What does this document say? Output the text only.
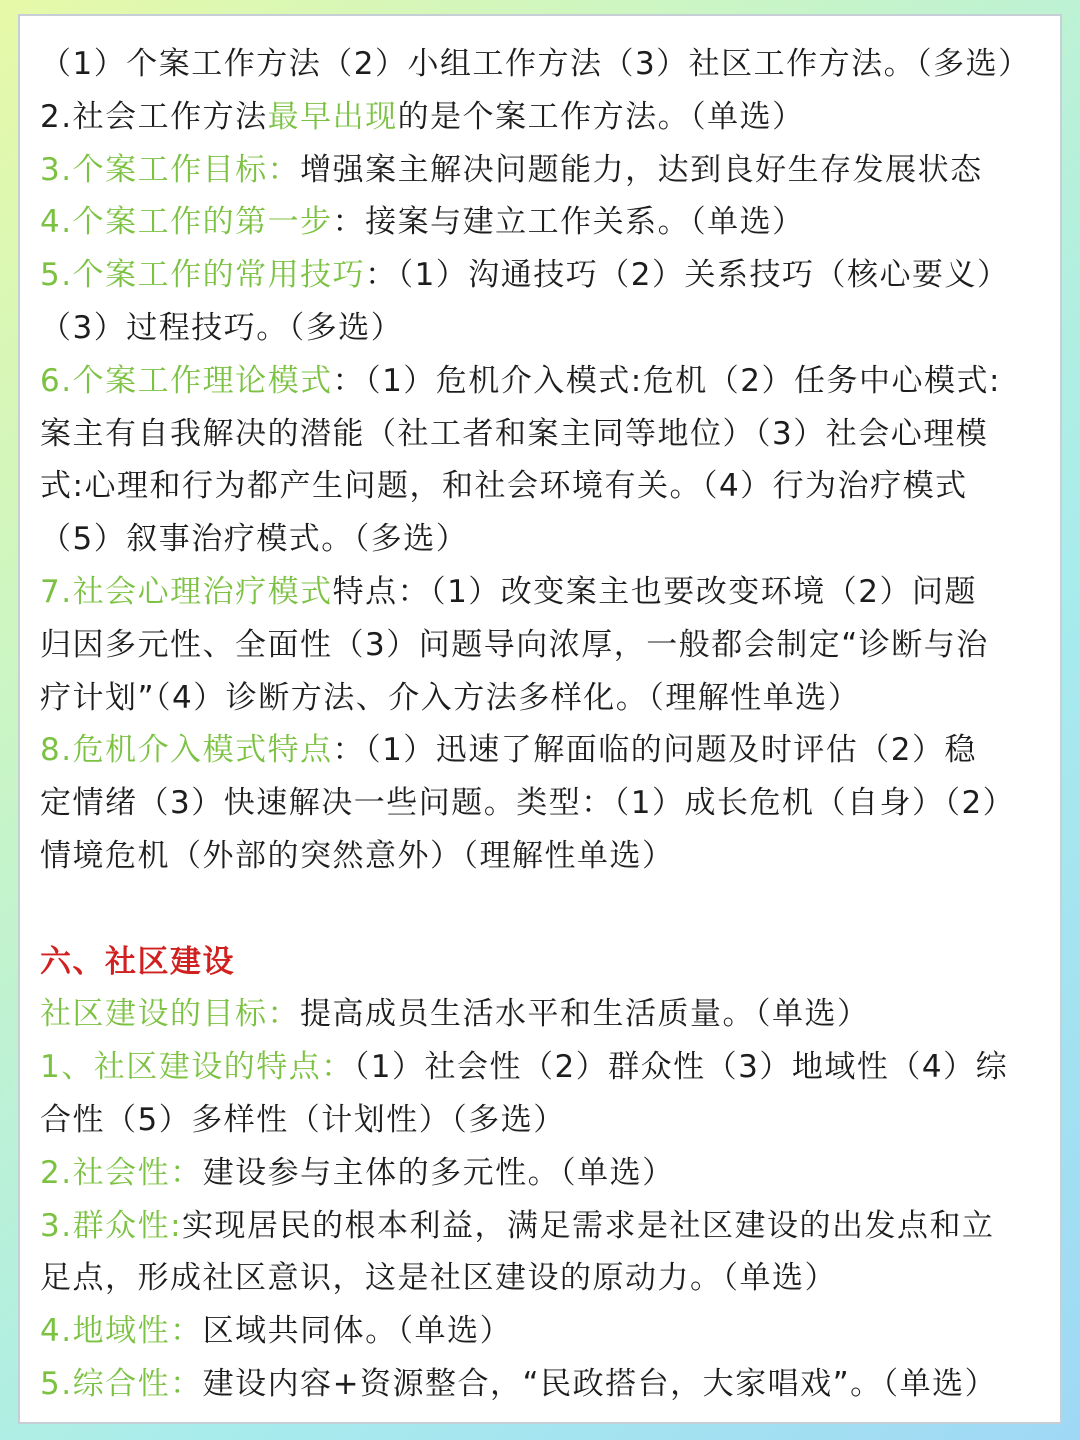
（1）个案工作方法（2）小组工作方法（3）社区工作方法。（多选）
2.社会工作方法最早出现的是个案工作方法。（单选）
3.个案工作目标：增强案主解决问题能力，达到良好生存发展状态
4.个案工作的第一步：接案与建立工作关系。（单选）
5.个案工作的常用技巧：（1）沟通技巧（2）关系技巧（核心要义）
（3）过程技巧。（多选）
6.个案工作理论模式：（1）危机介入模式:危机（2）任务中心模式:
案主有自我解决的潜能（社工者和案主同等地位）（3）社会心理模
式:心理和行为都产生问题，和社会环境有关。（4）行为治疗模式
（5）叙事治疗模式。（多选）
7.社会心理治疗模式特点：（1）改变案主也要改变环境（2）问题
归因多元性、全面性（3）问题导向浓厚，一般都会制定“诊断与治
疗计划”（4）诊断方法、介入方法多样化。（理解性单选）
8.危机介入模式特点：（1）迅速了解面临的问题及时评估（2）稳
定情绪（3）快速解决一些问题。类型：（1）成长危机（自身）（2）
情境危机（外部的突然意外）（理解性单选）
六、社区建设
社区建设的目标：提高成员生活水平和生活质量。（单选）
1、社区建设的特点：（1）社会性（2）群众性（3）地域性（4）综
合性（5）多样性（计划性）（多选）
2.社会性：建设参与主体的多元性。（单选）
3.群众性:实现居民的根本利益，满足需求是社区建设的出发点和立
足点，形成社区意识，这是社区建设的原动力。（单选）
4.地域性：区域共同体。（单选）
5.综合性：建设内容+资源整合，“民政搭台，大家唱戏”。（单选）
